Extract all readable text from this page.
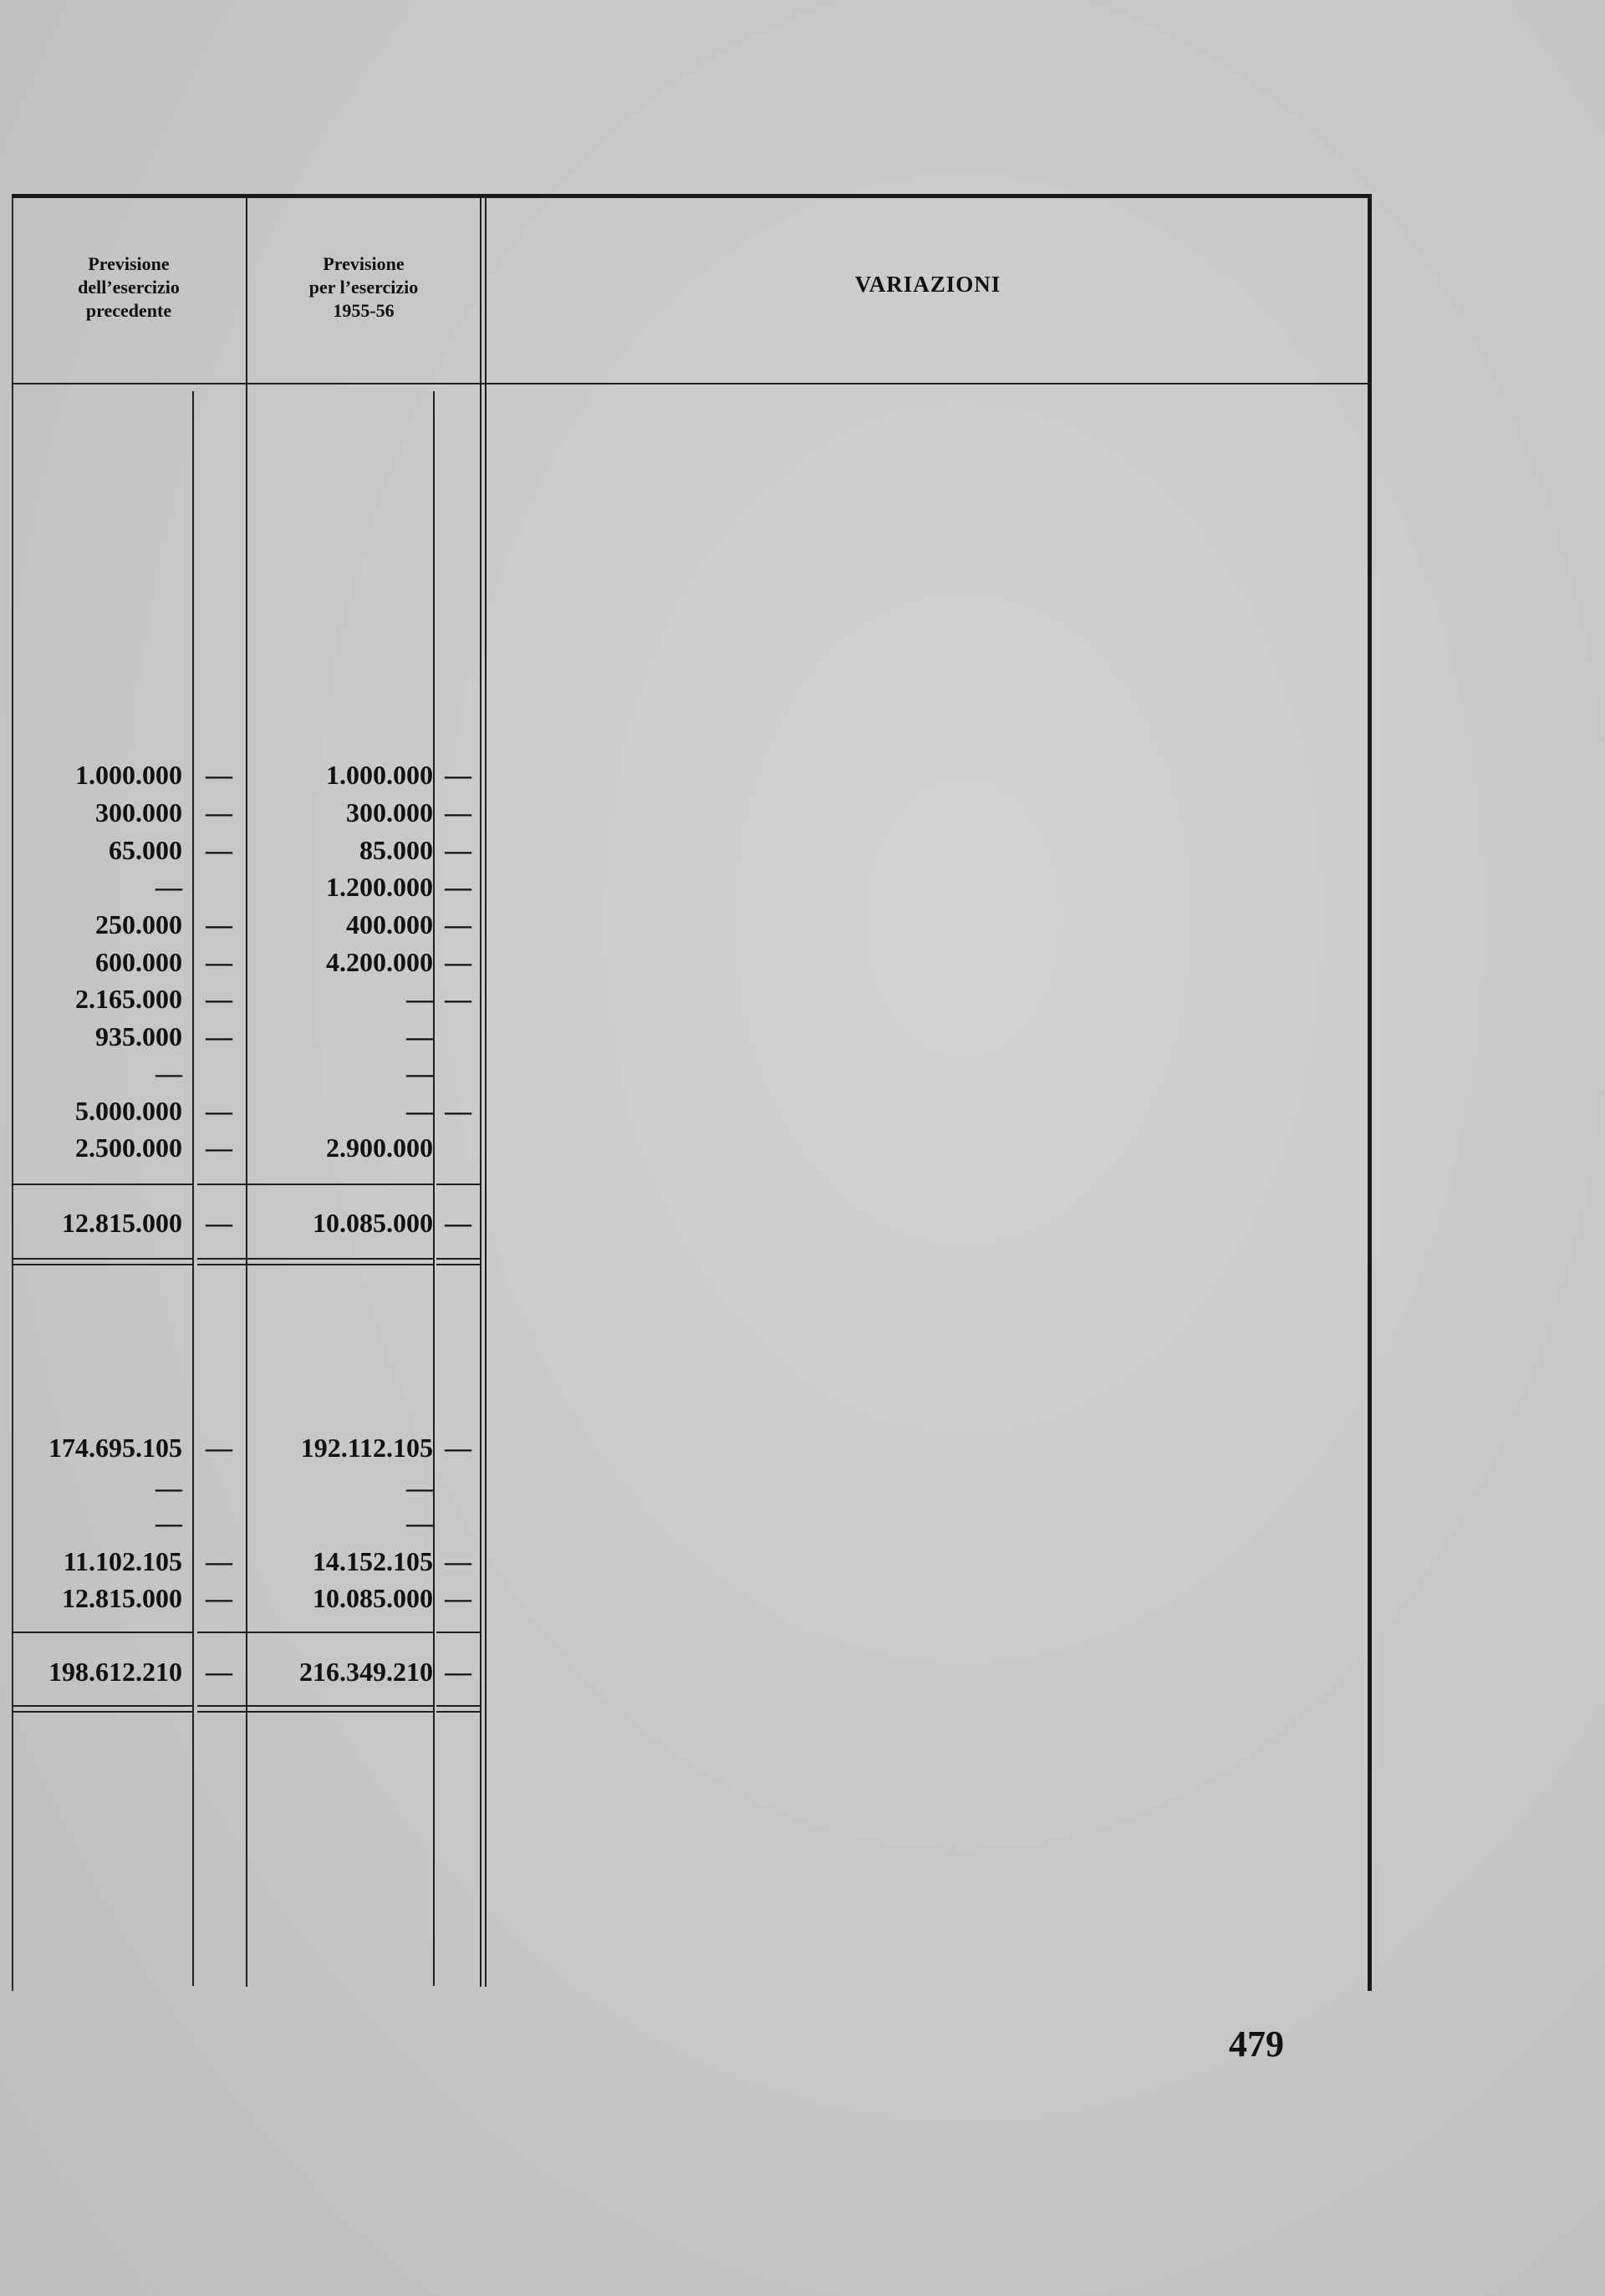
Previsione
dell’esercizio
precedente
Previsione
per l’esercizio
1955-56
VARIAZIONI
479
1.000.000 —	1.000.000 —
300.000 —	300.000 —
65.000 —	85.000 —
—	1.200.000 —
250.000 —	400.000 —
600.000 —	4.200.000 —
2.165.000 —	— —
935.000 —	—
—	—
5.000.000 —	— —
2.500.000 —	2.900.000
12.815.000 —	10.085.000 —
174.695.105 —	192.112.105 —
—	—
—	—
11.102.105 —	14.152.105 —
12.815.000 —	10.085.000 —
198.612.210 —	216.349.210 —
